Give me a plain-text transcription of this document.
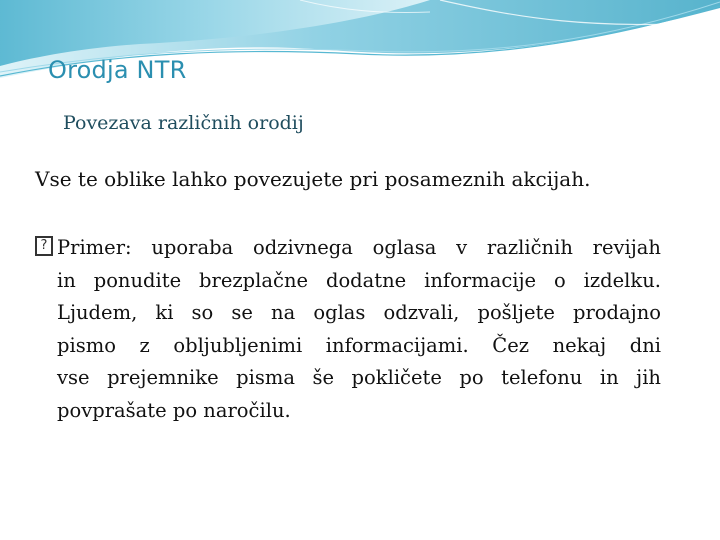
Orodja NTR
Povezava različnih orodij
Vse te oblike lahko povezujete pri posameznih akcijah.
? Primer: uporaba odzivnega oglasa v različnih revijah
in ponudite brezplačne dodatne informacije o izdelku.
Ljudem, ki so se na oglas odzvali, pošljete prodajno
pismo z obljubljenimi informacijami. Čez nekaj dni
vse prejemnike pisma še pokličete po telefonu in jih
povprašate po naročilu.
